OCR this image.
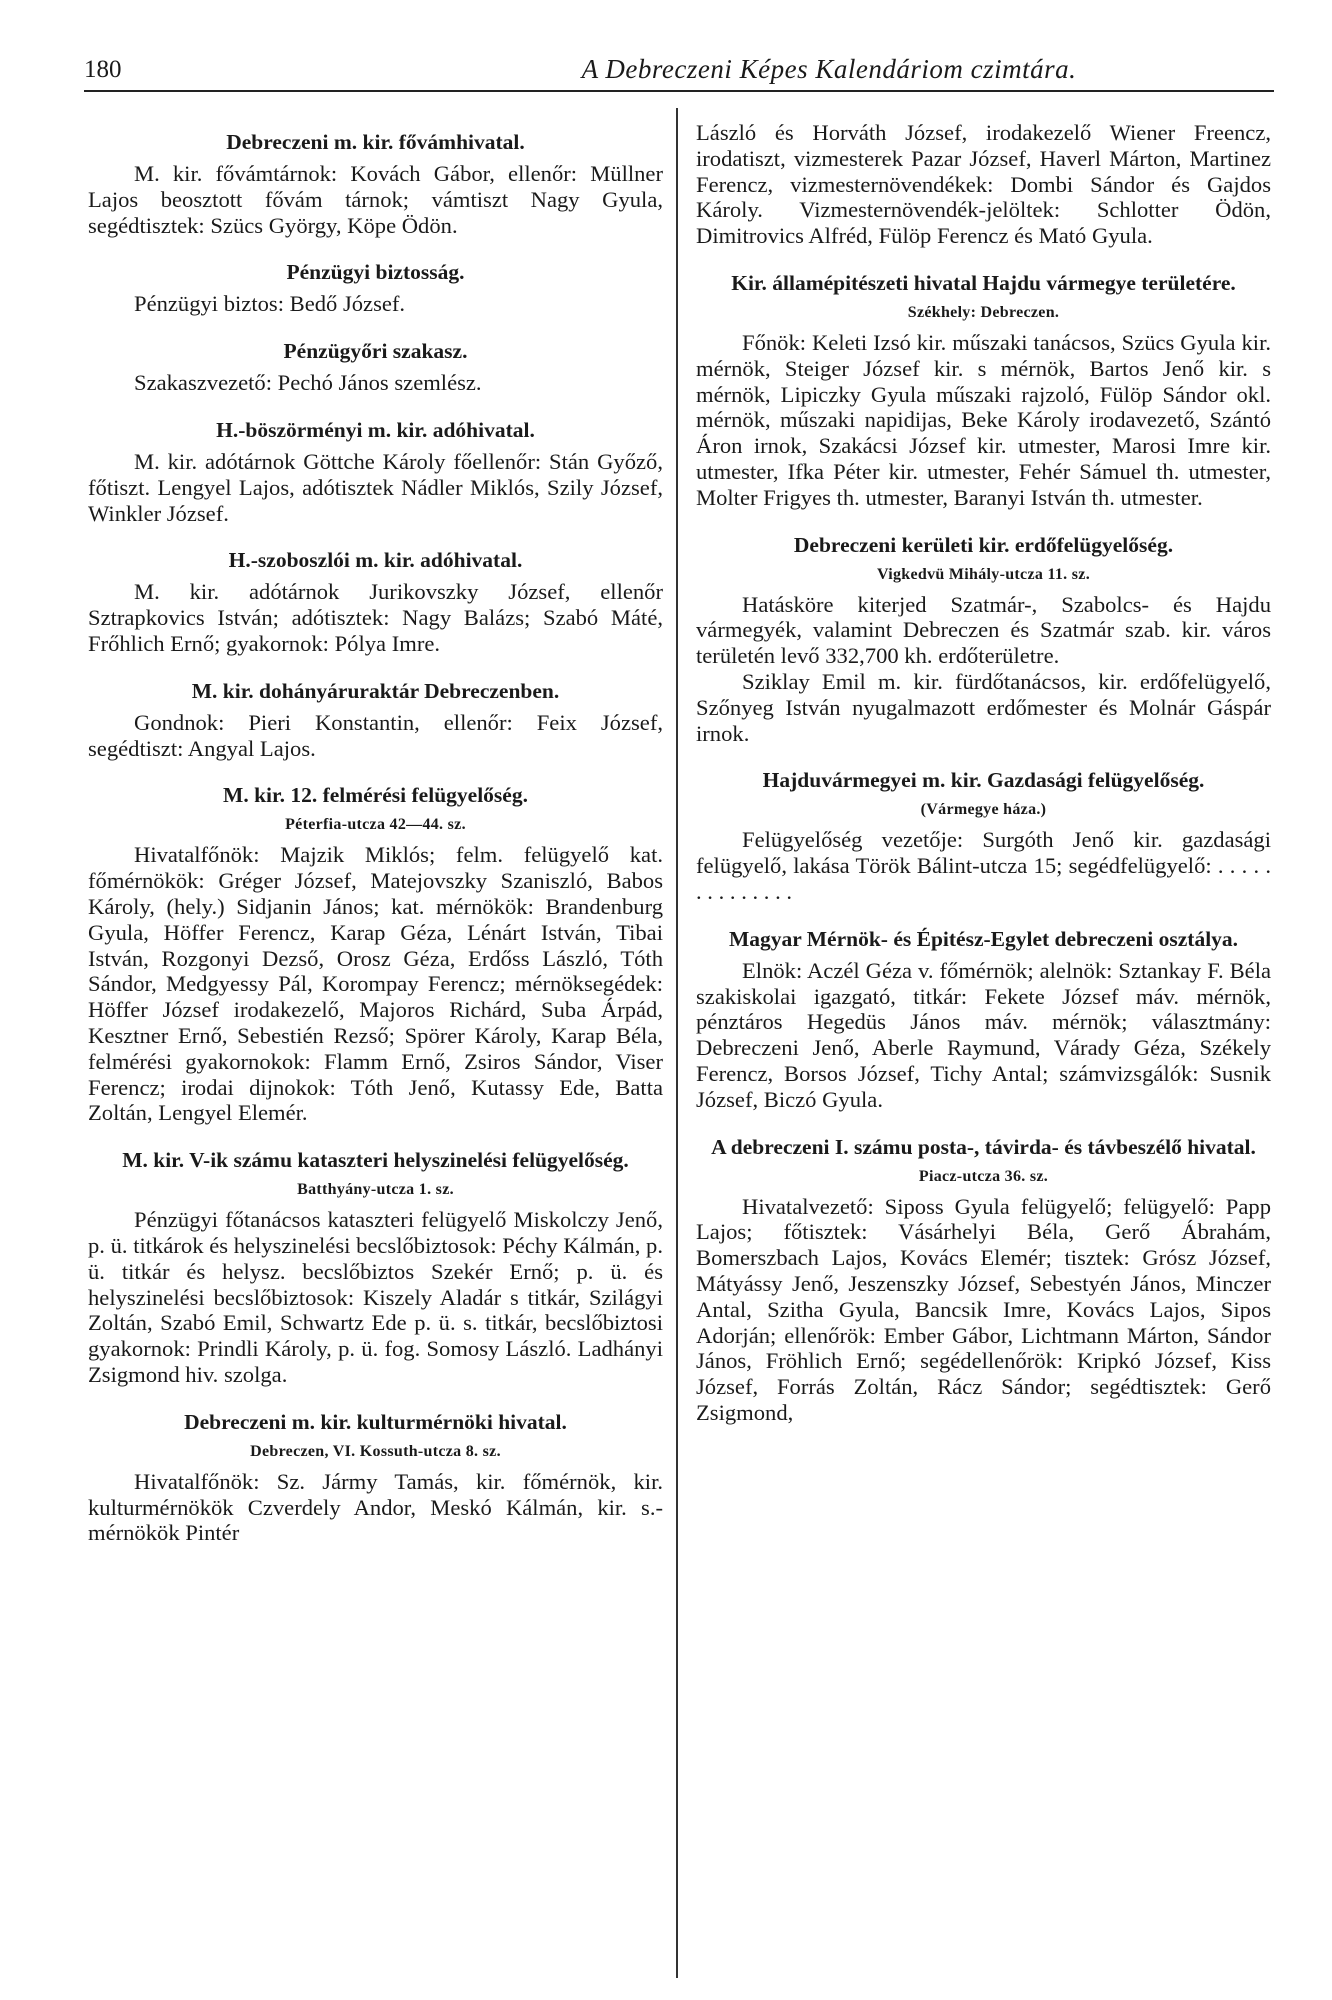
180	A Debreczeni Képes Kalendáriom czimtára.
Debreczeni m. kir. fővámhivatal.

M. kir. fővámtárnok: Kovách Gábor, ellenőr: Müllner Lajos beosztott fővám tárnok; vámtiszt Nagy Gyula, segédtisztek: Szücs György, Köpe Ödön.

Pénzügyi biztosság.

Pénzügyi biztos: Bedő József.

Pénzügyőri szakasz.

Szakaszvezető: Pechó János szemlész.

H.-böszörményi m. kir. adóhivatal.

M. kir. adótárnok Göttche Károly főellenőr: Stán Győző, főtiszt. Lengyel Lajos, adótisztek Nádler Miklós, Szily József, Winkler József.

H.-szoboszlói m. kir. adóhivatal.

M. kir. adótárnok Jurikovszky József, ellenőr Sztrapkovics István; adótisztek: Nagy Balázs; Szabó Máté, Frőhlich Ernő; gyakornok: Pólya Imre.

M. kir. dohányáruraktár Debreczenben.

Gondnok: Pieri Konstantin, ellenőr: Feix József, segédtiszt: Angyal Lajos.

M. kir. 12. felmérési felügyelőség.
Péterfia-utcza 42—44. sz.

Hivatalfőnök: Majzik Miklós; felm. felügyelő kat. főmérnökök: Gréger József, Matejovszky Szaniszló, Babos Károly, (hely.) Sidjanin János; kat. mérnökök: Brandenburg Gyula, Höffer Ferencz, Karap Géza, Lénárt István, Tibai István, Rozgonyi Dezső, Orosz Géza, Erdőss László, Tóth Sándor, Medgyessy Pál, Korompay Ferencz; mérnöksegédek: Höffer József irodakezelő, Majoros Richárd, Suba Árpád, Kesztner Ernő, Sebestién Rezső; Spörer Károly, Karap Béla, felmérési gyakornokok: Flamm Ernő, Zsiros Sándor, Viser Ferencz; irodai dijnokok: Tóth Jenő, Kutassy Ede, Batta Zoltán, Lengyel Elemér.

M. kir. V-ik számu kataszteri helyszinelési felügyelőség.
Batthyány-utcza 1. sz.

Pénzügyi főtanácsos kataszteri felügyelő Miskolczy Jenő, p. ü. titkárok és helyszinelési becslőbiztosok: Péchy Kálmán, p. ü. titkár és helysz. becslőbiztos Szekér Ernő; p. ü. és helyszinelési becslőbiztosok: Kiszely Aladár s titkár, Szilágyi Zoltán, Szabó Emil, Schwartz Ede p. ü. s. titkár, becslőbiztosi gyakornok: Prindli Károly, p. ü. fog. Somosy László. Ladhányi Zsigmond hiv. szolga.

Debreczeni m. kir. kulturmérnöki hivatal.
Debreczen, VI. Kossuth-utcza 8. sz.

Hivatalfőnök: Sz. Jármy Tamás, kir. főmérnök, kir. kulturmérnökök Czverdely Andor, Meskó Kálmán, kir. s.-mérnökök Pintér

László és Horváth József, irodakezelő Wiener Freencz, irodatiszt, vizmesterek Pazar József, Haverl Márton, Martinez Ferencz, vizmesternövendékek: Dombi Sándor és Gajdos Károly. Vizmesternövendék-jelöltek: Schlotter Ödön, Dimitrovics Alfréd, Fülöp Ferencz és Mató Gyula.

Kir. államépitészeti hivatal Hajdu vármegye területére.
Székhely: Debreczen.

Főnök: Keleti Izsó kir. műszaki tanácsos, Szücs Gyula kir. mérnök, Steiger József kir. s mérnök, Bartos Jenő kir. s mérnök, Lipiczky Gyula műszaki rajzoló, Fülöp Sándor okl. mérnök, műszaki napidijas, Beke Károly irodavezető, Szántó Áron irnok, Szakácsi József kir. utmester, Marosi Imre kir. utmester, Ifka Péter kir. utmester, Fehér Sámuel th. utmester, Molter Frigyes th. utmester, Baranyi István th. utmester.

Debreczeni kerületi kir. erdőfelügyelőség.
Vigkedvü Mihály-utcza 11. sz.

Hatásköre kiterjed Szatmár-, Szabolcs- és Hajdu vármegyék, valamint Debreczen és Szatmár szab. kir. város területén levő 332,700 kh. erdőterületre.

Sziklay Emil m. kir. fürdőtanácsos, kir. erdőfelügyelő, Szőnyeg István nyugalmazott erdőmester és Molnár Gáspár irnok.

Hajduvármegyei m. kir. Gazdasági felügyelőség.
(Vármegye háza.)

Felügyelőség vezetője: Surgóth Jenő kir. gazdasági felügyelő, lakása Török Bálint-utcza 15; segédfelügyelő: . . . . . . . . . . . . . .

Magyar Mérnök- és Épitész-Egylet debreczeni osztálya.

Elnök: Aczél Géza v. főmérnök; alelnök: Sztankay F. Béla szakiskolai igazgató, titkár: Fekete József máv. mérnök, pénztáros Hegedüs János máv. mérnök; választmány: Debreczeni Jenő, Aberle Raymund, Várady Géza, Székely Ferencz, Borsos József, Tichy Antal; számvizsgálók: Susnik József, Biczó Gyula.

A debreczeni I. számu posta-, távirda- és távbeszélő hivatal.
Piacz-utcza 36. sz.

Hivatalvezető: Siposs Gyula felügyelő; felügyelő: Papp Lajos; főtisztek: Vásárhelyi Béla, Gerő Ábrahám, Bomerszbach Lajos, Kovács Elemér; tisztek: Grósz József, Mátyássy Jenő, Jeszenszky József, Sebestyén János, Minczer Antal, Szitha Gyula, Bancsik Imre, Kovács Lajos, Sipos Adorján; ellenőrök: Ember Gábor, Lichtmann Márton, Sándor János, Fröhlich Ernő; segédellenőrök: Kripkó József, Kiss József, Forrás Zoltán, Rácz Sándor; segédtisztek: Gerő Zsigmond,
